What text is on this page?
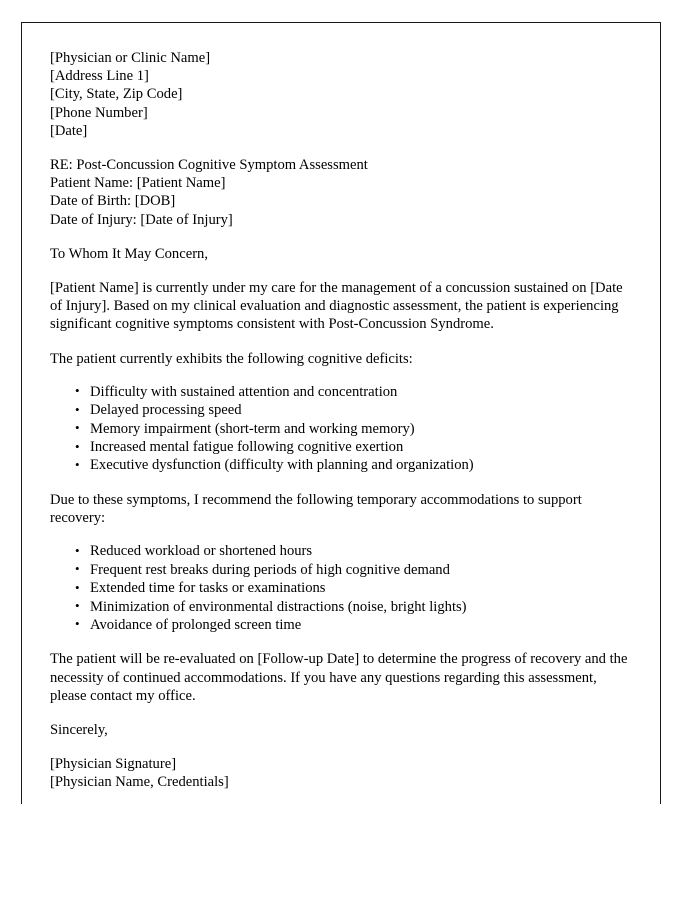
[Physician or Clinic Name]
[Address Line 1]
[City, State, Zip Code]
[Phone Number]
[Date]
RE: Post-Concussion Cognitive Symptom Assessment
Patient Name: [Patient Name]
Date of Birth: [DOB]
Date of Injury: [Date of Injury]
To Whom It May Concern,
[Patient Name] is currently under my care for the management of a concussion sustained on [Date of Injury]. Based on my clinical evaluation and diagnostic assessment, the patient is experiencing significant cognitive symptoms consistent with Post-Concussion Syndrome.
The patient currently exhibits the following cognitive deficits:
• Difficulty with sustained attention and concentration
• Delayed processing speed
• Memory impairment (short-term and working memory)
• Increased mental fatigue following cognitive exertion
• Executive dysfunction (difficulty with planning and organization)
Due to these symptoms, I recommend the following temporary accommodations to support recovery:
• Reduced workload or shortened hours
• Frequent rest breaks during periods of high cognitive demand
• Extended time for tasks or examinations
• Minimization of environmental distractions (noise, bright lights)
• Avoidance of prolonged screen time
The patient will be re-evaluated on [Follow-up Date] to determine the progress of recovery and the necessity of continued accommodations. If you have any questions regarding this assessment, please contact my office.
Sincerely,
[Physician Signature]
[Physician Name, Credentials]
